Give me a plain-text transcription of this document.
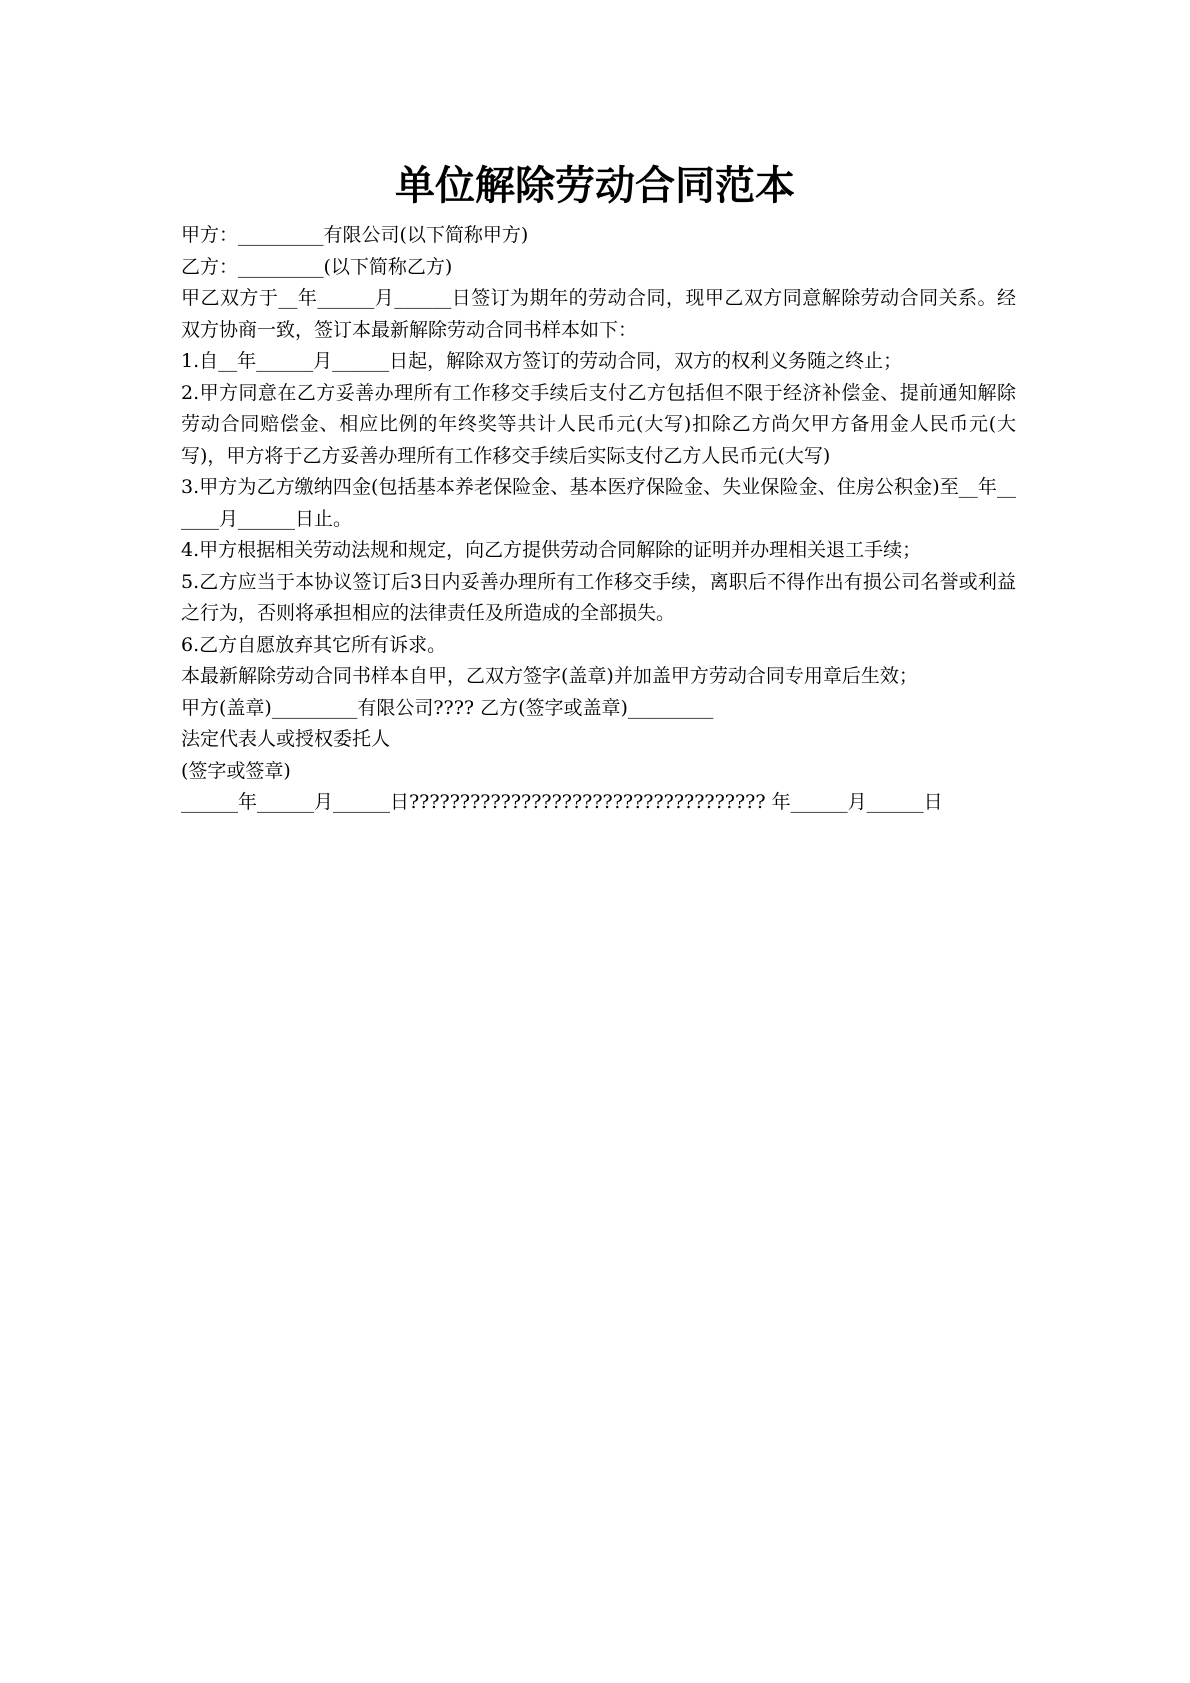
单位解除劳动合同范本

甲方：_________有限公司(以下简称甲方)

乙方：_________(以下简称乙方)

甲乙双方于__年______月______日签订为期年的劳动合同，现甲乙双方同意解除劳动合同关系。经双方协商一致，签订本最新解除劳动合同书样本如下：

1.自__年______月______日起，解除双方签订的劳动合同，双方的权利义务随之终止；

2.甲方同意在乙方妥善办理所有工作移交手续后支付乙方包括但不限于经济补偿金、提前通知解除劳动合同赔偿金、相应比例的年终奖等共计人民币元(大写)扣除乙方尚欠甲方备用金人民币元(大写)，甲方将于乙方妥善办理所有工作移交手续后实际支付乙方人民币元(大写)

3.甲方为乙方缴纳四金(包括基本养老保险金、基本医疗保险金、失业保险金、住房公积金)至__年______月______日止。

4.甲方根据相关劳动法规和规定，向乙方提供劳动合同解除的证明并办理相关退工手续；

5.乙方应当于本协议签订后3日内妥善办理所有工作移交手续，离职后不得作出有损公司名誉或利益之行为，否则将承担相应的法律责任及所造成的全部损失。

6.乙方自愿放弃其它所有诉求。

本最新解除劳动合同书样本自甲，乙双方签字(盖章)并加盖甲方劳动合同专用章后生效；

甲方(盖章)_________有限公司???? 乙方(签字或盖章)_________

法定代表人或授权委托人

(签字或签章)

______年______月______日??????????????????????????????????? 年______月______日
